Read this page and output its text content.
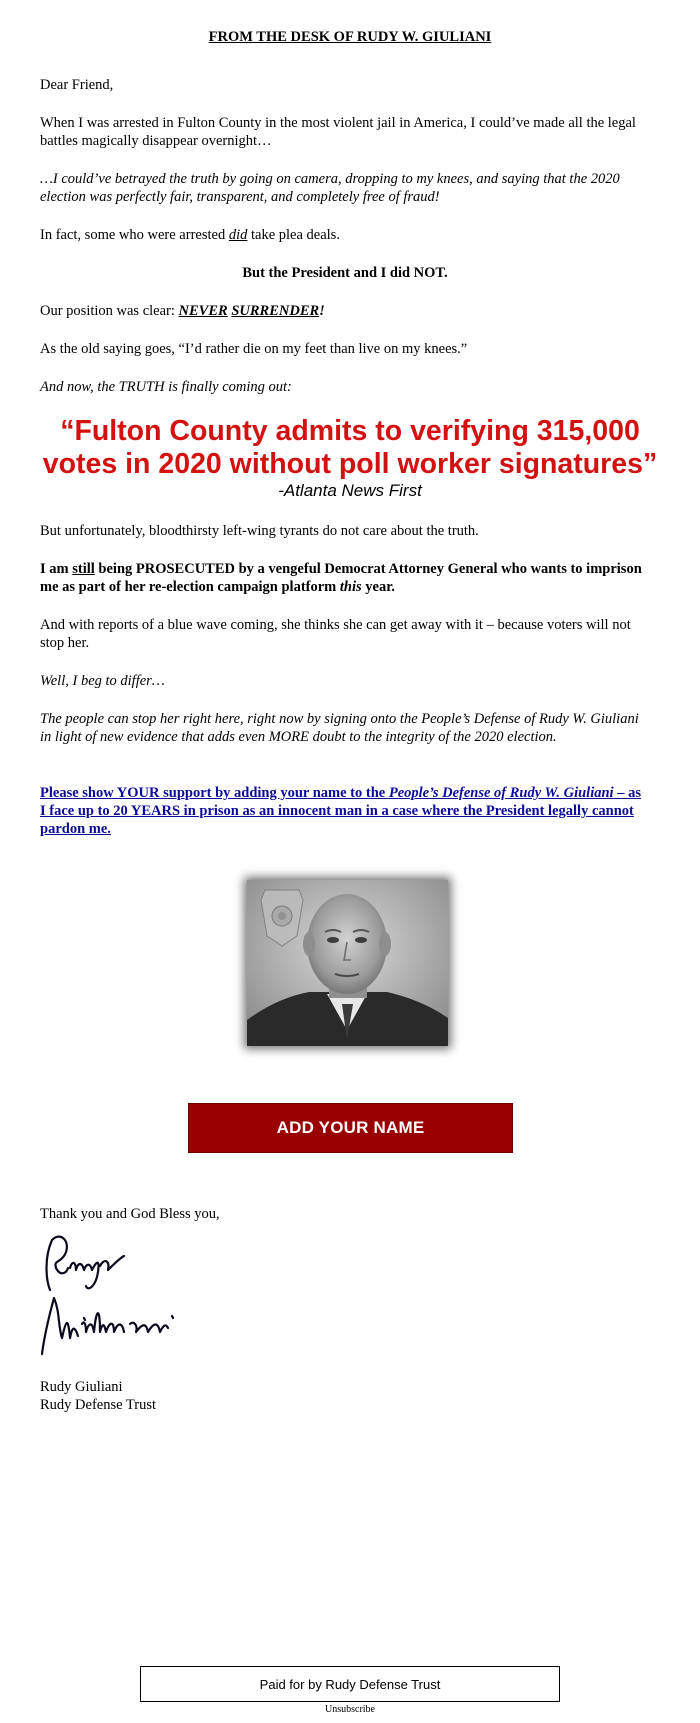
FROM THE DESK OF RUDY W. GIULIANI

Dear Friend,

When I was arrested in Fulton County in the most violent jail in America, I could’ve made all the legal battles magically disappear overnight…

…I could’ve betrayed the truth by going on camera, dropping to my knees, and saying that the 2020 election was perfectly fair, transparent, and completely free of fraud!

In fact, some who were arrested did take plea deals.

But the President and I did NOT.

Our position was clear: NEVER SURRENDER!

As the old saying goes, “I’d rather die on my feet than live on my knees.”

And now, the TRUTH is finally coming out:

“Fulton County admits to verifying 315,000 votes in 2020 without poll worker signatures”
-Atlanta News First

But unfortunately, bloodthirsty left-wing tyrants do not care about the truth.

I am still being PROSECUTED by a vengeful Democrat Attorney General who wants to imprison me as part of her re-election campaign platform this year.

And with reports of a blue wave coming, she thinks she can get away with it – because voters will not stop her.

Well, I beg to differ…

The people can stop her right here, right now by signing onto the People’s Defense of Rudy W. Giuliani in light of new evidence that adds even MORE doubt to the integrity of the 2020 election.

Please show YOUR support by adding your name to the People’s Defense of Rudy W. Giuliani – as I face up to 20 YEARS in prison as an innocent man in a case where the President legally cannot pardon me.

ADD YOUR NAME

Thank you and God Bless you,

Rudy Giuliani

Rudy Defense Trust

Paid for by Rudy Defense Trust
Unsubscribe
